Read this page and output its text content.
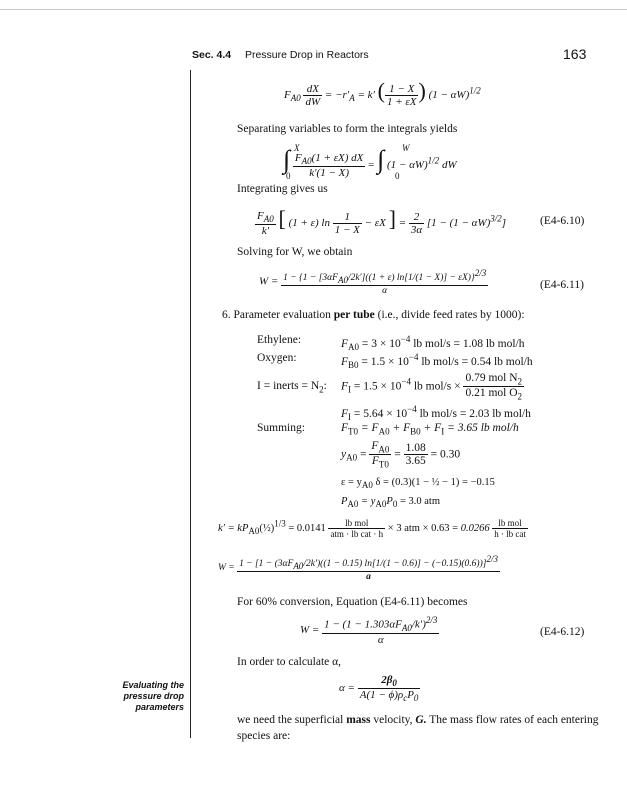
Sec. 4.4 Pressure Drop in Reactors	163
$F_{A0} \frac{dX}{dW} = -r'_A = k'$ ( $\frac{1 - X}{1 + \varepsilon X}$ ) $(1 - \alpha W)^{1/2}$
Separating variables to form the integrals yields
∫ $\frac{F_{A0}(1 + \varepsilon X) dX}{k'(1 - X)}$ = ∫ $(1 - \alpha W)^{1/2}$ dW
X
0
W
0
Integrating gives us
$\frac{F_{A0}}{k'}$ [ (1 + ε) $\ln \frac{1}{1 - X} - \varepsilon X$ ] = $\frac{2}{3\alpha} [1 - (1 - \alpha W)^{3/2}]$	(E4-6.10)
Solving for W, we obtain
$W = \frac{1 - \{1 - [3\alpha F_{A0}/2k']((1 + \varepsilon) \ln[1/(1 - X)] - \varepsilon X)\}^{2/3}}{\alpha}$	(E4-6.11)
6. Parameter evaluation per tube (i.e., divide feed rates by 1000):
Ethylene:	$F_{A0} = 3 \times 10^{-4}$ lb mol/s = 1.08 lb mol/h
Oxygen:	$F_{B0} = 1.5 \times 10^{-4}$ lb mol/s = 0.54 lb mol/h
I = inerts = $N_2$: $F_I = 1.5 \times 10^{-4}$ lb $mol/s \times \frac{0.79 mol N_2}{0.21 mol O_2}$
$F_I = 5.64 \times 10^{-4}$ lb mol/s = 2.03 lb mol/h
Summing:	$F_{T0} = F_{A0} + F_{B0} + F_I = 3.65$ lb mol/h
$y_{A0} = \frac{F_{A0}}{F_{T0}} = \frac{1.08}{3.65} = 0.30$
$\varepsilon = y_{A0}$ δ = (0.3)(1 − ½ − 1) = −0.15
$P_{A0} = y_{A0}P_0 = 3.0$ atm
$k' = kP_{A0}(\frac{1}{2})^{1/3} = 0.0141 \frac{\text{lb mol}}{\text{atm · lb cat · h}} \times 3$ atm × $0.63 = 0.0266 \frac{\text{lb mol}}{\text{h · lb cat}}$
$W = 1 - [1 - (3\alpha F_{A0}/2k')((1 - 0.15) \ln[1/(1 - 0.6)] - (-0.15)(0.6))]^{2/3}$
a
For 60% conversion, Equation (E4-6.11) becomes
$W = \frac{1 - (1 - 1.303\alpha F_{A0}/k')^{2/3}}{\alpha}$	(E4-6.12)
In order to calculate α,
$\alpha = \frac{2\beta_0}{A(1 - \phi)\rho_cP_0}$
Evaluating the
pressure drop
parameters
we need the superficial mass velocity, G. The mass flow rates of each entering
species are:
